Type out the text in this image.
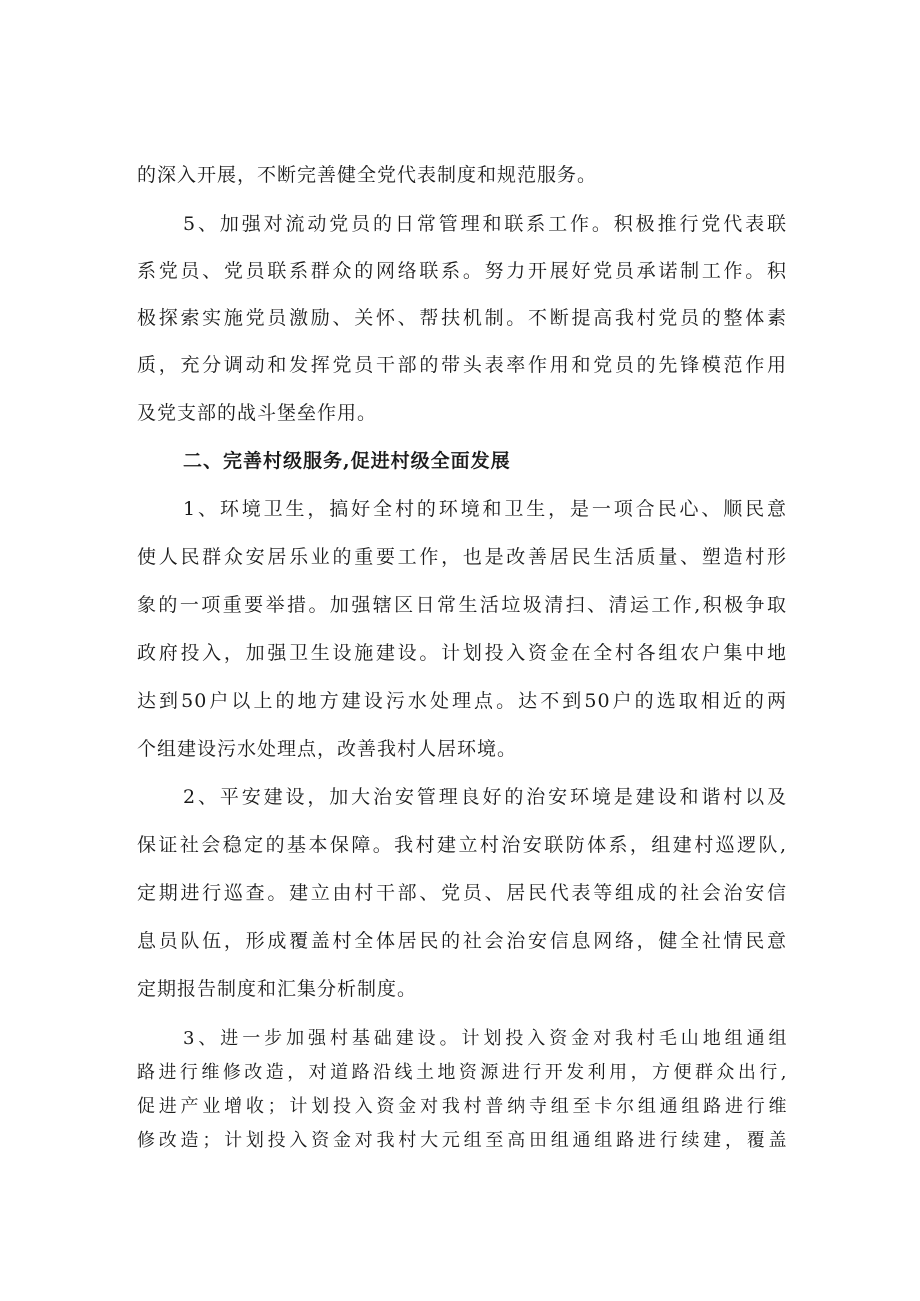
的深入开展，不断完善健全党代表制度和规范服务。
5、加强对流动党员的日常管理和联系工作。积极推行党代表联
系党员、党员联系群众的网络联系。努力开展好党员承诺制工作。积
极探索实施党员激励、关怀、帮扶机制。不断提高我村党员的整体素
质，充分调动和发挥党员干部的带头表率作用和党员的先锋模范作用
及党支部的战斗堡垒作用。
二、完善村级服务,促进村级全面发展
1、环境卫生，搞好全村的环境和卫生，是一项合民心、顺民意
使人民群众安居乐业的重要工作，也是改善居民生活质量、塑造村形
象的一项重要举措。加强辖区日常生活垃圾清扫、清运工作,积极争取
政府投入，加强卫生设施建设。计划投入资金在全村各组农户集中地
达到50户以上的地方建设污水处理点。达不到50户的选取相近的两
个组建设污水处理点，改善我村人居环境。
2、平安建设，加大治安管理良好的治安环境是建设和谐村以及
保证社会稳定的基本保障。我村建立村治安联防体系，组建村巡逻队,
定期进行巡查。建立由村干部、党员、居民代表等组成的社会治安信
息员队伍，形成覆盖村全体居民的社会治安信息网络，健全社情民意
定期报告制度和汇集分析制度。
3、进一步加强村基础建设。计划投入资金对我村毛山地组通组
路进行维修改造，对道路沿线土地资源进行开发利用，方便群众出行,
促进产业增收；计划投入资金对我村普纳寺组至卡尔组通组路进行维
修改造；计划投入资金对我村大元组至高田组通组路进行续建，覆盖
